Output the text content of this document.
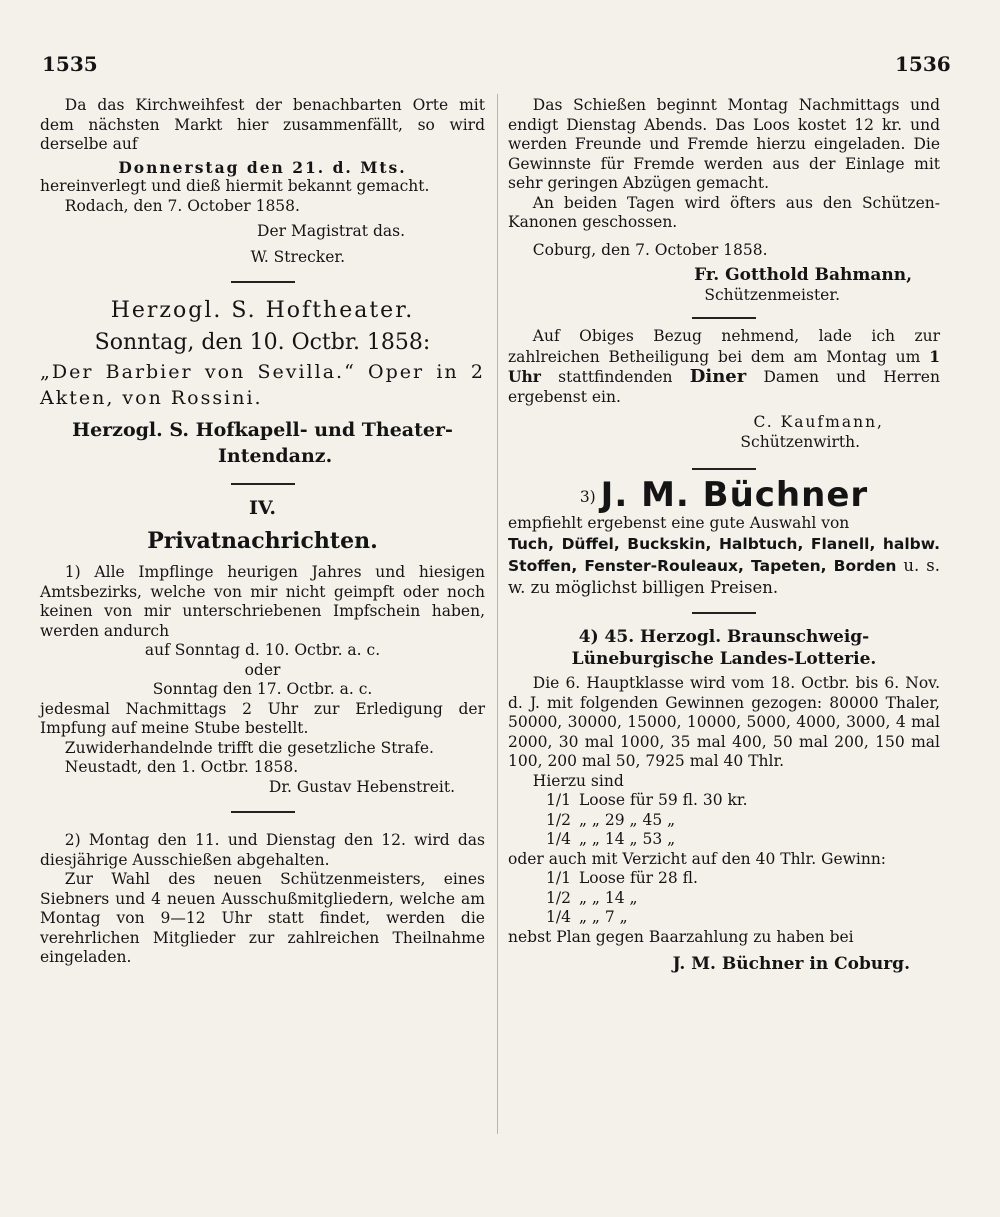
1535	1536

Da das Kirchweihfest der benachbarten Orte mit dem nächsten Markt hier zusammenfällt, so wird derselbe auf

Donnerstag den 21. d. Mts.

hereinverlegt und dieß hiermit bekannt gemacht.

Rodach, den 7. October 1858.

Der Magistrat das.

W. Strecker.

Herzogl. S. Hoftheater.

Sonntag, den 10. Octbr. 1858:

„Der Barbier von Sevilla.“ Oper in 2 Akten, von Rossini.

Herzogl. S. Hofkapell- und Theater-

Intendanz.

IV.

Privatnachrichten.

1) Alle Impflinge heurigen Jahres und hiesigen Amtsbezirks, welche von mir nicht geimpft oder noch keinen von mir unterschriebenen Impfschein haben, werden andurch

auf Sonntag d. 10. Octbr. a. c.

oder

Sonntag den 17. Octbr. a. c.

jedesmal Nachmittags 2 Uhr zur Erledigung der Impfung auf meine Stube bestellt.

Zuwiderhandelnde trifft die gesetzliche Strafe.

Neustadt, den 1. Octbr. 1858.

Dr. Gustav Hebenstreit.

2) Montag den 11. und Dienstag den 12. wird das diesjährige Ausschießen abgehalten.

Zur Wahl des neuen Schützenmeisters, eines Siebners und 4 neuen Ausschußmitgliedern, welche am Montag von 9—12 Uhr statt findet, werden die verehrlichen Mitglieder zur zahlreichen Theilnahme eingeladen.

Das Schießen beginnt Montag Nachmittags und endigt Dienstag Abends. Das Loos kostet 12 kr. und werden Freunde und Fremde hierzu eingeladen. Die Gewinnste für Fremde werden aus der Einlage mit sehr geringen Abzügen gemacht.

An beiden Tagen wird öfters aus den Schützen-Kanonen geschossen.

Coburg, den 7. October 1858.

Fr. Gotthold Bahmann,

Schützenmeister.

Auf Obiges Bezug nehmend, lade ich zur zahlreichen Betheiligung bei dem am Montag um 1 Uhr stattfindenden Diner Damen und Herren ergebenst ein.

C. Kaufmann,

Schützenwirth.

3) J. M. Büchner

empfiehlt ergebenst eine gute Auswahl von

Tuch, Düffel, Buckskin, Halbtuch, Flanell, halbw. Stoffen, Fenster-Rouleaux, Tapeten, Borden u. s. w. zu möglichst billigen Preisen.

4) 45. Herzogl. Braunschweig-Lüneburgische Landes-Lotterie.

Die 6. Hauptklasse wird vom 18. Octbr. bis 6. Nov. d. J. mit folgenden Gewinnen gezogen: 80000 Thaler, 50000, 30000, 15000, 10000, 5000, 4000, 3000, 4 mal 2000, 30 mal 1000, 35 mal 400, 50 mal 200, 150 mal 100, 200 mal 50, 7925 mal 40 Thlr.

Hierzu sind

1/1	Loose für 59 fl. 30 kr.
1/2	„ „ 29 „ 45 „
1/4	„ „ 14 „ 53 „

oder auch mit Verzicht auf den 40 Thlr. Gewinn:

1/1	Loose für 28 fl.
1/2	„ „ 14 „
1/4	„ „ 7 „

nebst Plan gegen Baarzahlung zu haben bei

J. M. Büchner in Coburg.
